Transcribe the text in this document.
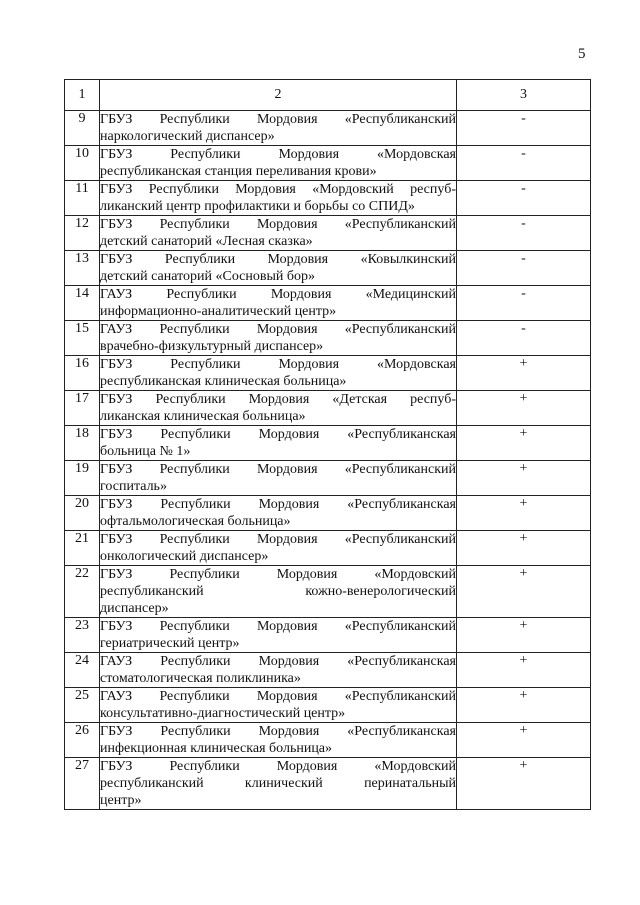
5
1	2	3
9	ГБУЗ Республики Мордовия «Республиканский
наркологический диспансер»	-
10	ГБУЗ Республики Мордовия «Мордовская
республиканская станция переливания крови»	-
11	ГБУЗ Республики Мордовия «Мордовский респуб-
ликанский центр профилактики и борьбы со СПИД»	-
12	ГБУЗ Республики Мордовия «Республиканский
детский санаторий «Лесная сказка»	-
13	ГБУЗ Республики Мордовия «Ковылкинский
детский санаторий «Сосновый бор»	-
14	ГАУЗ Республики Мордовия «Медицинский
информационно-аналитический центр»	-
15	ГАУЗ Республики Мордовия «Республиканский
врачебно-физкультурный диспансер»	-
16	ГБУЗ Республики Мордовия «Мордовская
республиканская клиническая больница»	+
17	ГБУЗ Республики Мордовия «Детская респуб-
ликанская клиническая больница»	+
18	ГБУЗ Республики Мордовия «Республиканская
больница № 1»	+
19	ГБУЗ Республики Мордовия «Республиканский
госпиталь»	+
20	ГБУЗ Республики Мордовия «Республиканская
офтальмологическая больница»	+
21	ГБУЗ Республики Мордовия «Республиканский
онкологический диспансер»	+
22	ГБУЗ Республики Мордовия «Мордовский
республиканский кожно-венерологический
диспансер»	+
23	ГБУЗ Республики Мордовия «Республиканский
гериатрический центр»	+
24	ГАУЗ Республики Мордовия «Республиканская
стоматологическая поликлиника»	+
25	ГАУЗ Республики Мордовия «Республиканский
консультативно-диагностический центр»	+
26	ГБУЗ Республики Мордовия «Республиканская
инфекционная клиническая больница»	+
27	ГБУЗ Республики Мордовия «Мордовский
республиканский клинический перинатальный
центр»	+
